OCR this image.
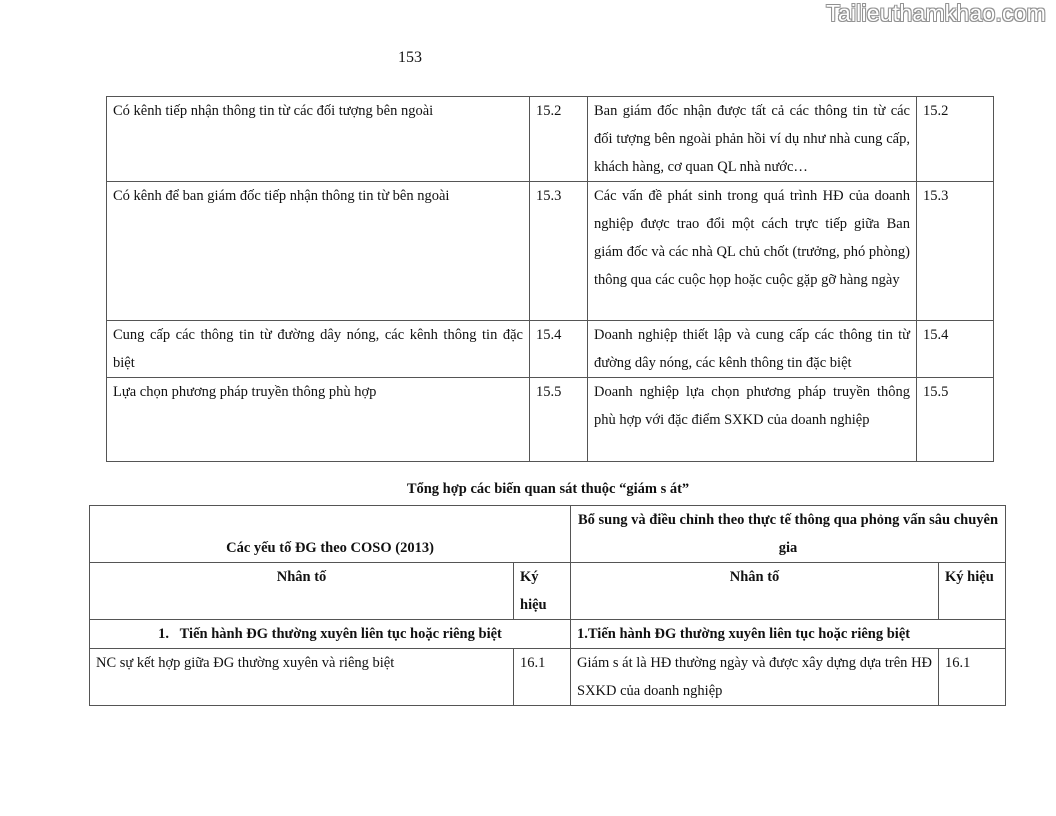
Tailieuthamkhao.com
153
Có kênh tiếp nhận thông tin từ các đối tượng bên ngoài	15.2	Ban giám đốc nhận được tất cả các thông tin từ các đối tượng bên ngoài phản hồi ví dụ như nhà cung cấp, khách hàng, cơ quan QL nhà nước…	15.2
Có kênh để ban giám đốc tiếp nhận thông tin từ bên ngoài	15.3	Các vấn đề phát sinh trong quá trình HĐ của doanh nghiệp được trao đổi một cách trực tiếp giữa Ban giám đốc và các nhà QL chủ chốt (trưởng, phó phòng) thông qua các cuộc họp hoặc cuộc gặp gỡ hàng ngày	15.3
Cung cấp các thông tin từ đường dây nóng, các kênh thông tin đặc biệt	15.4	Doanh nghiệp thiết lập và cung cấp các thông tin từ đường dây nóng, các kênh thông tin đặc biệt	15.4
Lựa chọn phương pháp truyền thông phù hợp	15.5	Doanh nghiệp lựa chọn phương pháp truyền thông phù hợp với đặc điểm SXKD của doanh nghiệp	15.5
Tổng hợp các biến quan sát thuộc “giám s át”
Các yếu tố ĐG theo COSO (2013)		Bổ sung và điều chỉnh theo thực tế thông qua phỏng vấn sâu chuyên gia	
Nhân tố	Ký hiệu	Nhân tố	Ký hiệu
1.   Tiến hành ĐG thường xuyên liên tục hoặc riêng biệt		1.Tiến hành ĐG thường xuyên liên tục hoặc riêng biệt	
NC sự kết hợp giữa ĐG thường xuyên và riêng biệt	16.1	Giám s át là HĐ thường ngày và được xây dựng dựa trên HĐ SXKD của doanh nghiệp	16.1
